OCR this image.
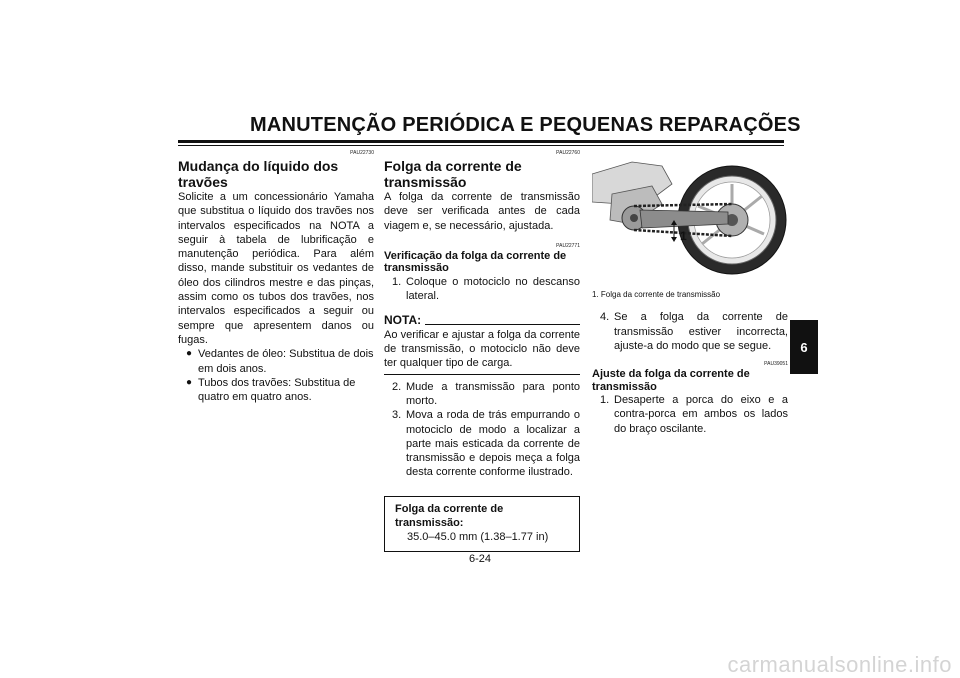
MANUTENÇÃO PERIÓDICA E PEQUENAS REPARAÇÕES
PAU22730
Mudança do líquido dos travões
Solicite a um concessionário Yamaha que substitua o líquido dos travões nos intervalos especificados na NOTA a seguir à tabela de lubrificação e manutenção periódica. Para além disso, mande substituir os vedantes de óleo dos cilindros mestre e das pinças, assim como os tubos dos travões, nos intervalos especificados a seguir ou sempre que apresentem danos ou fugas.
● Vedantes de óleo: Substitua de dois em dois anos.
● Tubos dos travões: Substitua de quatro em quatro anos.
PAU22760
Folga da corrente de transmissão
A folga da corrente de transmissão deve ser verificada antes de cada viagem e, se necessário, ajustada.
PAU22771
Verificação da folga da corrente de transmissão
1. Coloque o motociclo no descanso lateral.
NOTA:
Ao verificar e ajustar a folga da corrente de transmissão, o motociclo não deve ter qualquer tipo de carga.
2. Mude a transmissão para ponto morto.
3. Mova a roda de trás empurrando o motociclo de modo a localizar a parte mais esticada da corrente de transmissão e depois meça a folga desta corrente conforme ilustrado.
Folga da corrente de transmissão:
35.0–45.0 mm (1.38–1.77 in)
1
1. Folga da corrente de transmissão
4. Se a folga da corrente de transmissão estiver incorrecta, ajuste-a do modo que se segue.
PAU39051
Ajuste da folga da corrente de transmissão
1. Desaperte a porca do eixo e a contra-porca em ambos os lados do braço oscilante.
6
6-24
carmanualsonline.info
